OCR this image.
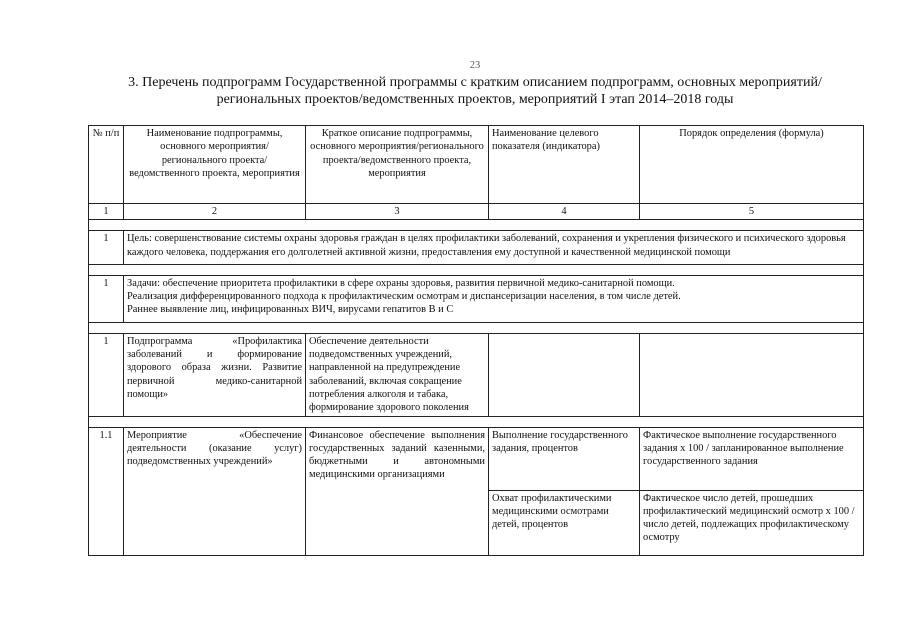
23
3. Перечень подпрограмм Государственной программы с кратким описанием подпрограмм, основных мероприятий/
региональных проектов/ведомственных проектов, мероприятий I этап 2014–2018 годы
№ п/п	Наименование подпрограммы, основного мероприятия/ регионального проекта/ ведомственного проекта, мероприятия	Краткое описание подпрограммы, основного мероприятия/регионального проекта/ведомственного проекта, мероприятия	Наименование целевого показателя (индикатора)	Порядок определения (формула)
1	2	3	4	5

1	Цель: совершенствование системы охраны здоровья граждан в целях профилактики заболеваний, сохранения и укрепления физического и психического здоровья каждого человека, поддержания его долголетней активной жизни, предоставления ему доступной и качественной медицинской помощи			

1	Задачи: обеспечение приоритета профилактики в сфере охраны здоровья, развития первичной медико-санитарной помощи.
Реализация дифференцированного подхода к профилактическим осмотрам и диспансеризации населения, в том числе детей.
Раннее выявление лиц, инфицированных ВИЧ, вирусами гепатитов В и С			

1	Подпрограмма «Профилактика заболеваний и формирование здорового образа жизни. Развитие первичной медико-санитарной помощи»	Обеспечение деятельности подведомственных учреждений, направленной на предупреждение заболеваний, включая сокращение потребления алкоголя и табака, формирование здорового поколения		

1.1	Мероприятие «Обеспечение деятельности (оказание услуг) подведомственных учреждений»	Финансовое обеспечение выполнения государственных заданий казенными, бюджетными и автономными медицинскими организациями	Выполнение государственного задания, процентов	Фактическое выполнение государственного задания х 100 / запланированное выполнение государственного задания
			Охват профилактическими медицинскими осмотрами детей, процентов	Фактическое число детей, прошедших профилактический медицинский осмотр х 100 / число детей, подлежащих профилактическому осмотру
